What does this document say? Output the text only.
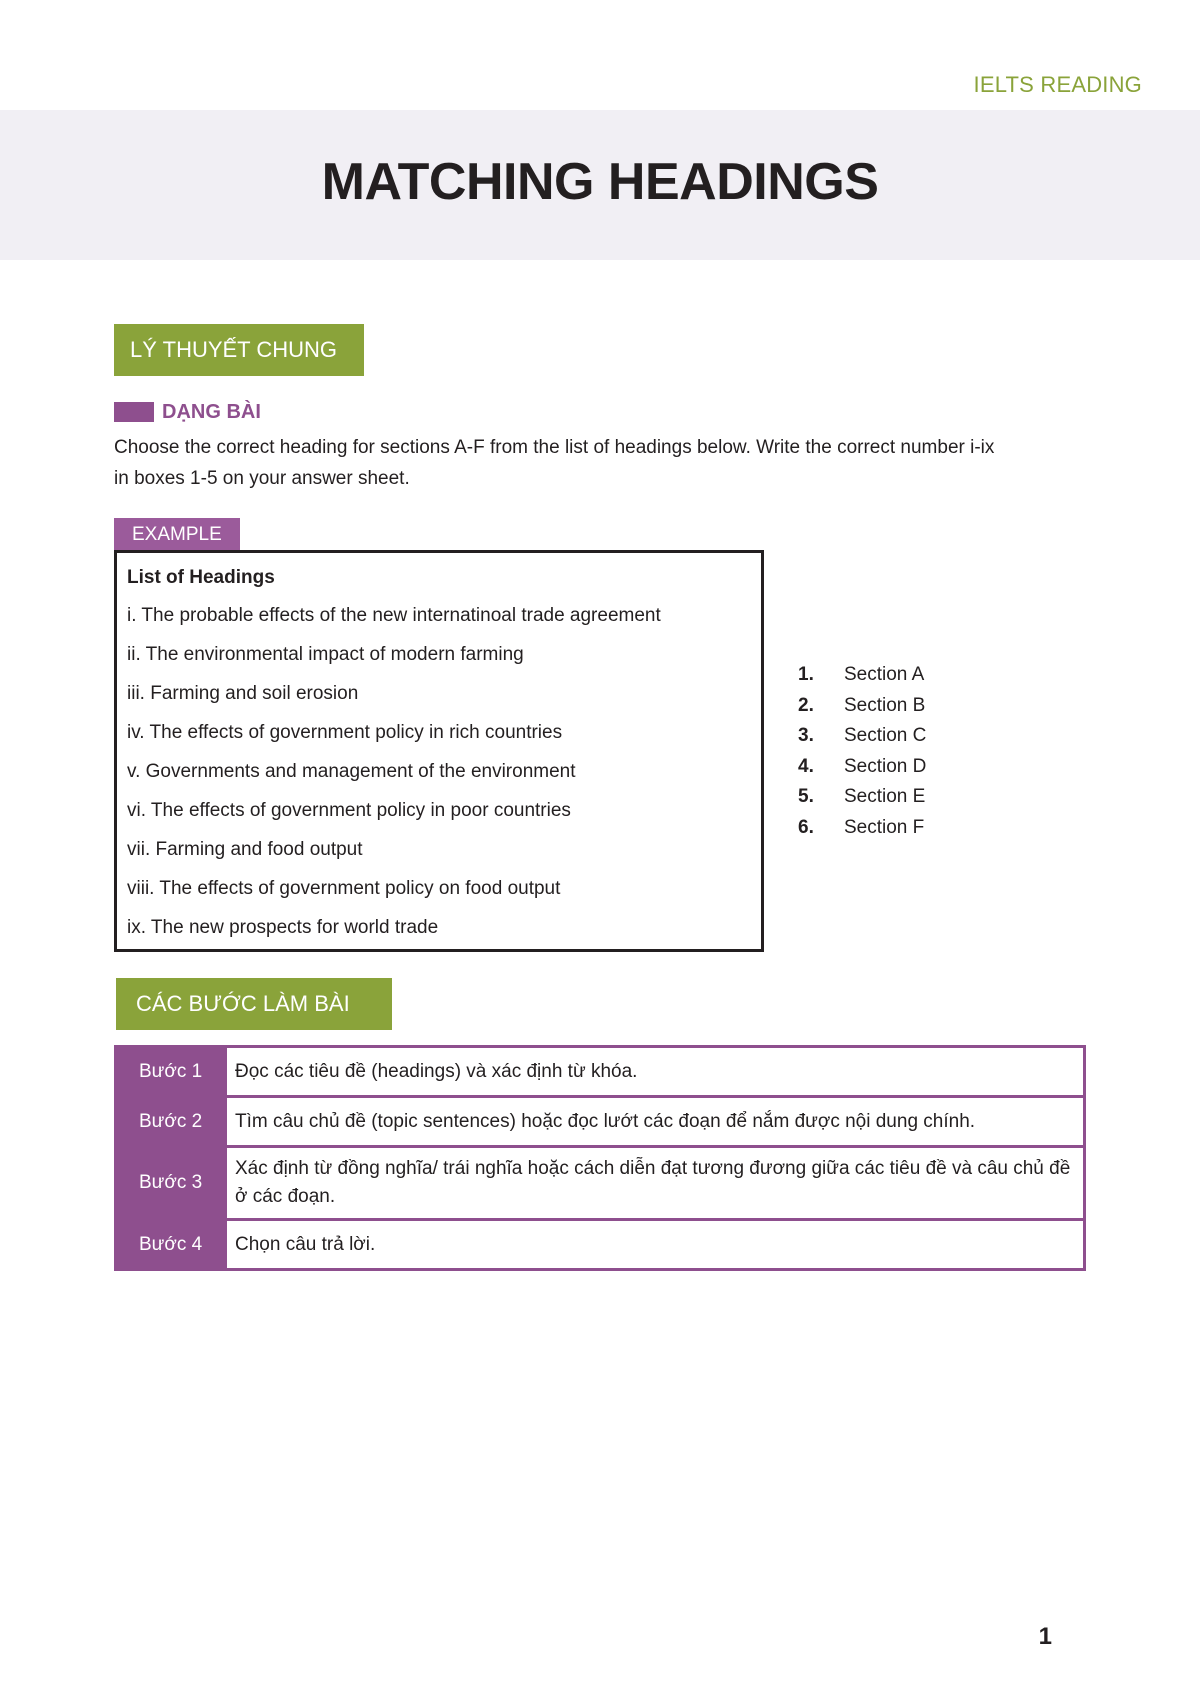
IELTS READING
MATCHING HEADINGS
LÝ THUYẾT CHUNG
DẠNG BÀI
Choose the correct heading for sections A-F from the list of headings below. Write the correct number i-ix
in boxes 1-5 on your answer sheet.
EXAMPLE
List of Headings
i. The probable effects of the new internatinoal trade agreement
ii. The environmental impact of modern farming
iii. Farming and soil erosion
iv. The effects of government policy in rich countries
v. Governments and management of the environment
vi. The effects of government policy in poor countries
vii. Farming and food output
viii. The effects of government policy on food output
ix. The new prospects for world trade
1.	Section A
2.	Section B
3.	Section C
4.	Section D
5.	Section E
6.	Section F
CÁC BƯỚC LÀM BÀI
Bước 1	Đọc các tiêu đề (headings) và xác định từ khóa.
Bước 2	Tìm câu chủ đề (topic sentences) hoặc đọc lướt các đoạn để nắm được nội dung chính.
Bước 3	Xác định từ đồng nghĩa/ trái nghĩa hoặc cách diễn đạt tương đương giữa các tiêu đề và câu chủ đề ở các đoạn.
Bước 4	Chọn câu trả lời.
1
